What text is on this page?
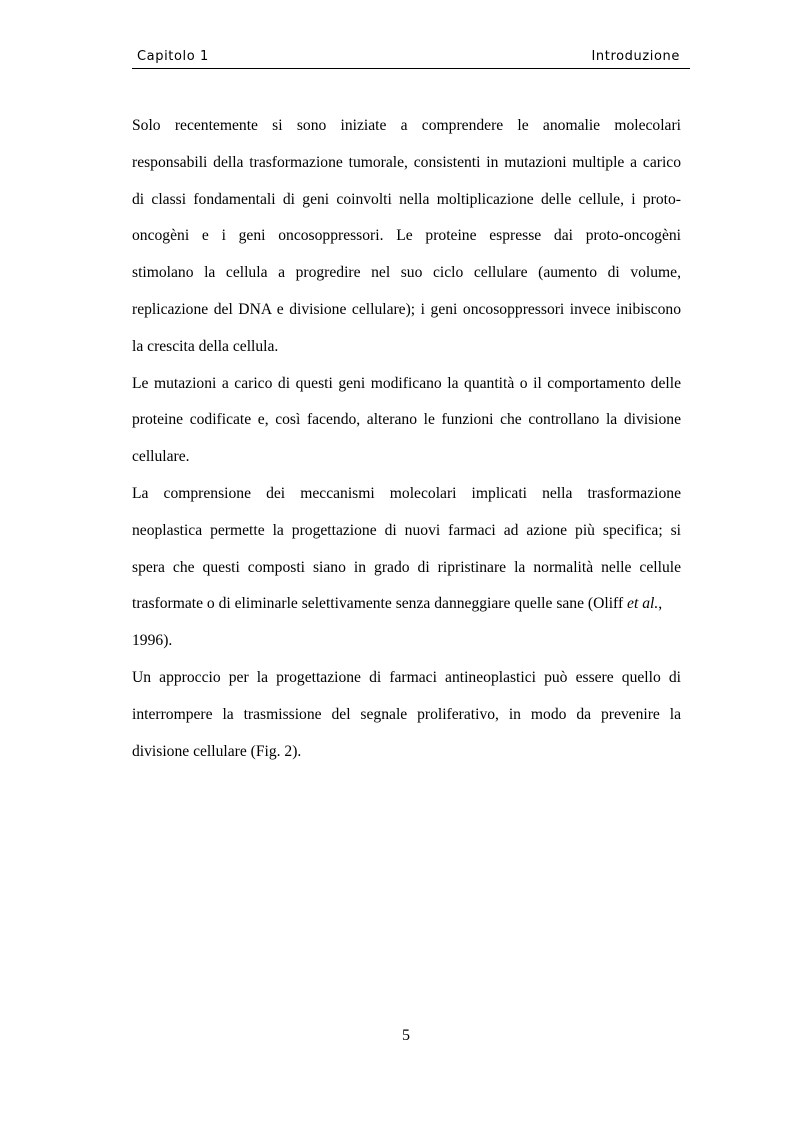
Capitolo 1	Introduzione
Solo recentemente si sono iniziate a comprendere le anomalie molecolari
responsabili della trasformazione tumorale, consistenti in mutazioni multiple a carico
di classi fondamentali di geni coinvolti nella moltiplicazione delle cellule, i proto-
oncogèni e i geni oncosoppressori. Le proteine espresse dai proto-oncogèni
stimolano la cellula a progredire nel suo ciclo cellulare (aumento di volume,
replicazione del DNA e divisione cellulare); i geni oncosoppressori invece inibiscono
la crescita della cellula.
Le mutazioni a carico di questi geni modificano la quantità o il comportamento delle
proteine codificate e, così facendo, alterano le funzioni che controllano la divisione
cellulare.
La comprensione dei meccanismi molecolari implicati nella trasformazione
neoplastica permette la progettazione di nuovi farmaci ad azione più specifica; si
spera che questi composti siano in grado di ripristinare la normalità nelle cellule
trasformate o di eliminarle selettivamente senza danneggiare quelle sane (Oliff et al.,
1996).
Un approccio per la progettazione di farmaci antineoplastici può essere quello di
interrompere la trasmissione del segnale proliferativo, in modo da prevenire la
divisione cellulare (Fig. 2).
5
